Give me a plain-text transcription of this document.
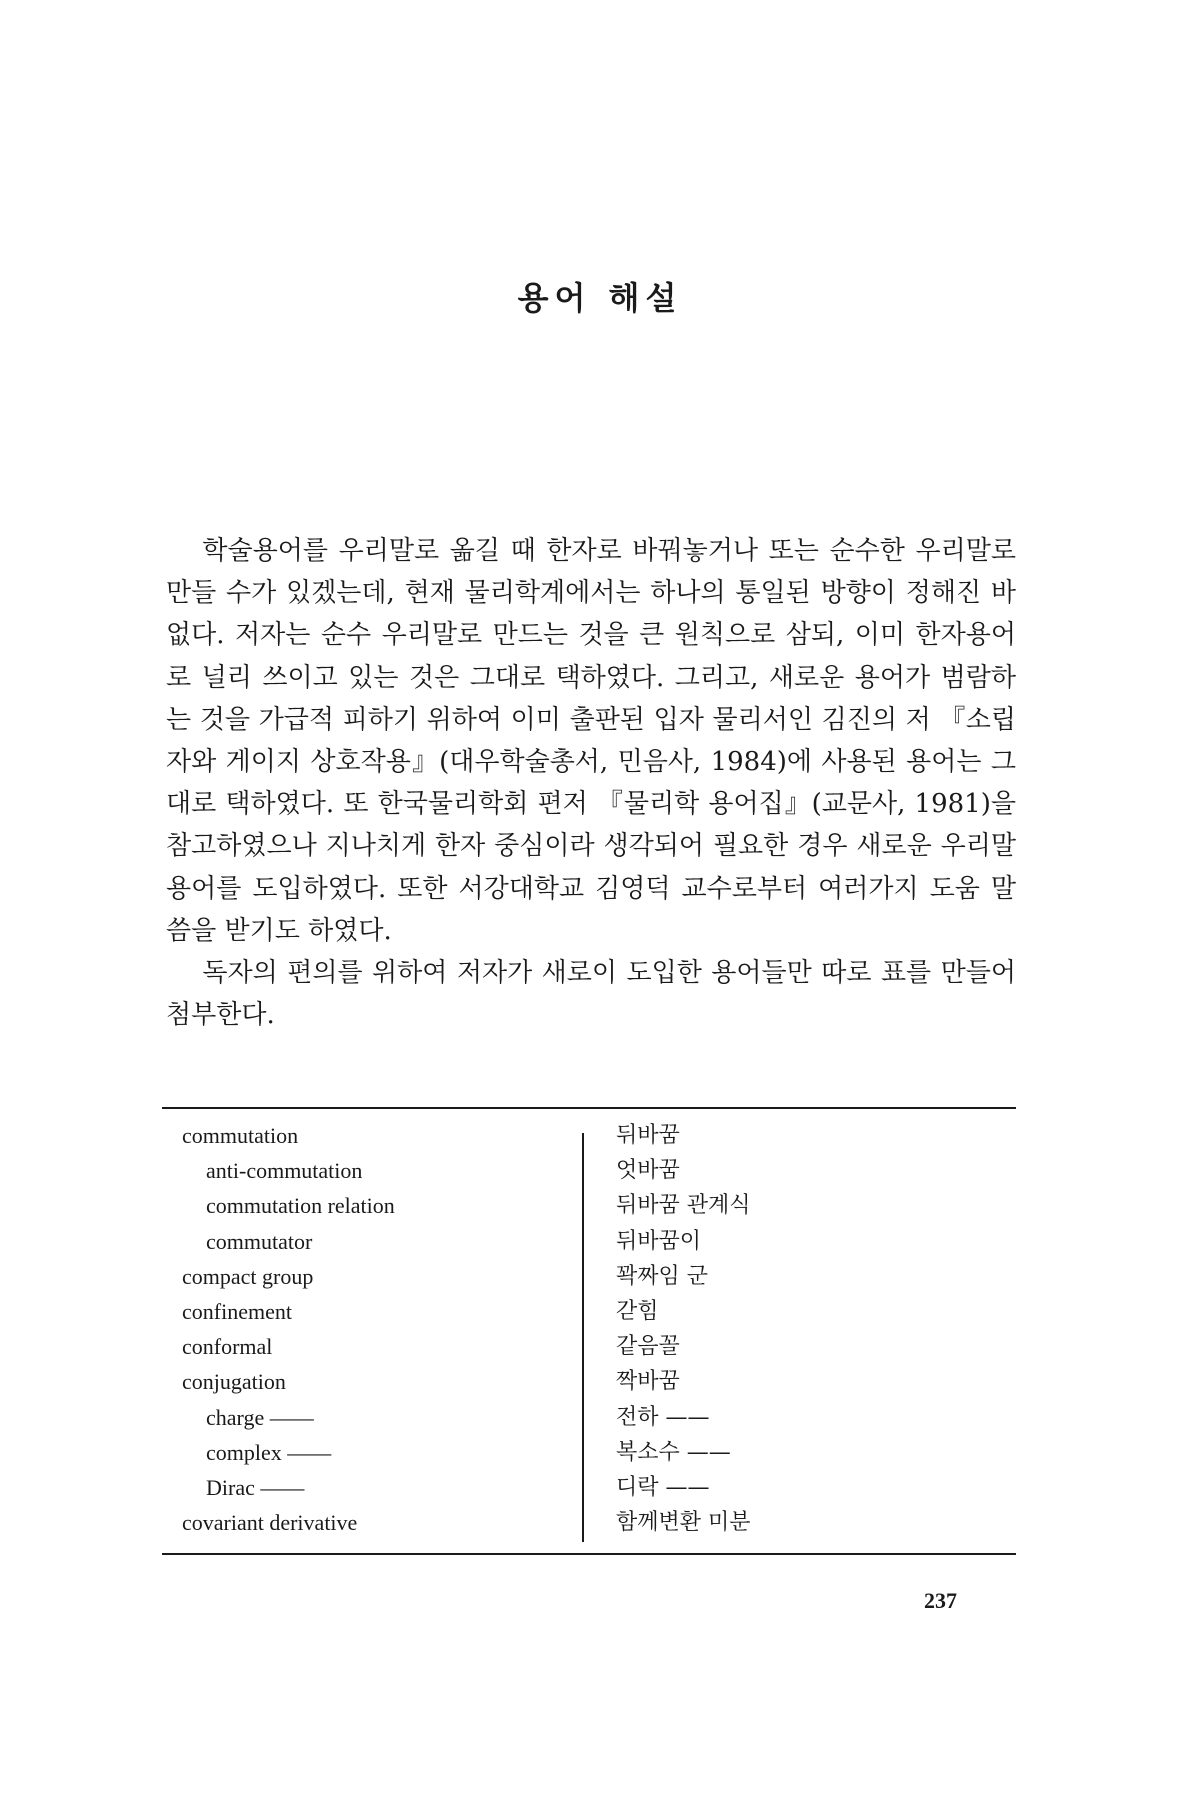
용어 해설

학술용어를 우리말로 옮길 때 한자로 바꿔놓거나 또는 순수한 우리말로 만들 수가 있겠는데, 현재 물리학계에서는 하나의 통일된 방향이 정해진 바 없다. 저자는 순수 우리말로 만드는 것을 큰 원칙으로 삼되, 이미 한자용어로 널리 쓰이고 있는 것은 그대로 택하였다. 그리고, 새로운 용어가 범람하는 것을 가급적 피하기 위하여 이미 출판된 입자 물리서인 김진의 저 『소립자와 게이지 상호작용』(대우학술총서, 민음사, 1984)에 사용된 용어는 그대로 택하였다. 또 한국물리학회 편저 『물리학 용어집』(교문사, 1981)을 참고하였으나 지나치게 한자 중심이라 생각되어 필요한 경우 새로운 우리말 용어를 도입하였다. 또한 서강대학교 김영덕 교수로부터 여러가지 도움 말씀을 받기도 하였다.

독자의 편의를 위하여 저자가 새로이 도입한 용어들만 따로 표를 만들어 첨부한다.

commutation	뒤바꿈
anti-commutation	엇바꿈
commutation relation	뒤바꿈 관계식
commutator	뒤바꿈이
compact group	꽉짜임 군
confinement	갇힘
conformal	같음꼴
conjugation	짝바꿈
charge ——	전하 ——
complex ——	복소수 ——
Dirac ——	디락 ——
covariant derivative	함께변환 미분
237
